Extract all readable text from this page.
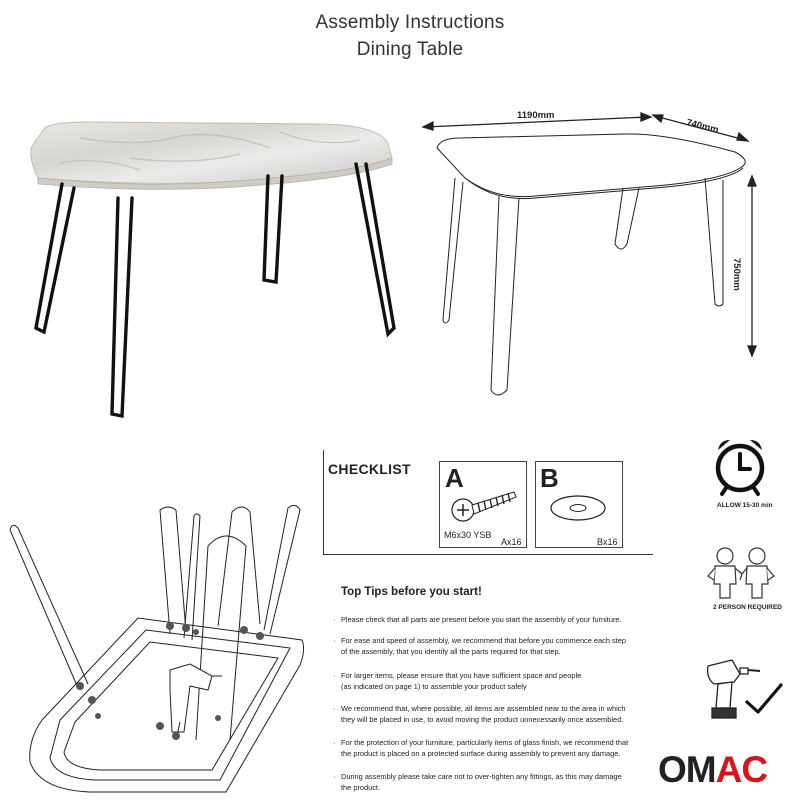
Assembly Instructions
Dining Table
1190mm
740mm
750mm
CHECKLIST A
M6x30 YSB
Ax16
B
Bx16
ALLOW 15-30 min
2 PERSON REQUIRED
Top Tips before you start!
· Please check that all parts are present before you start the assembly of your furniture.
· For ease and speed of assembly, we recommend that before you commence each step
of the assembly, that you identify all the parts required for that step.
· For larger items, please ensure that you have sufficient space and people
(as indicated on page 1) to assemble your product safely
· We recommend that, where possible, all items are assembled near to the area in which
they will be placed in use, to avoid moving the product unnecessarily once assembled.
· For the protection of your furniture, particularly items of glass finish, we recommend that
the product is placed on a protected surface during assembly to prevent any damage.
· During assembly please take care not to over-tighten any fittings, as this may damage
the product.	OMAC
